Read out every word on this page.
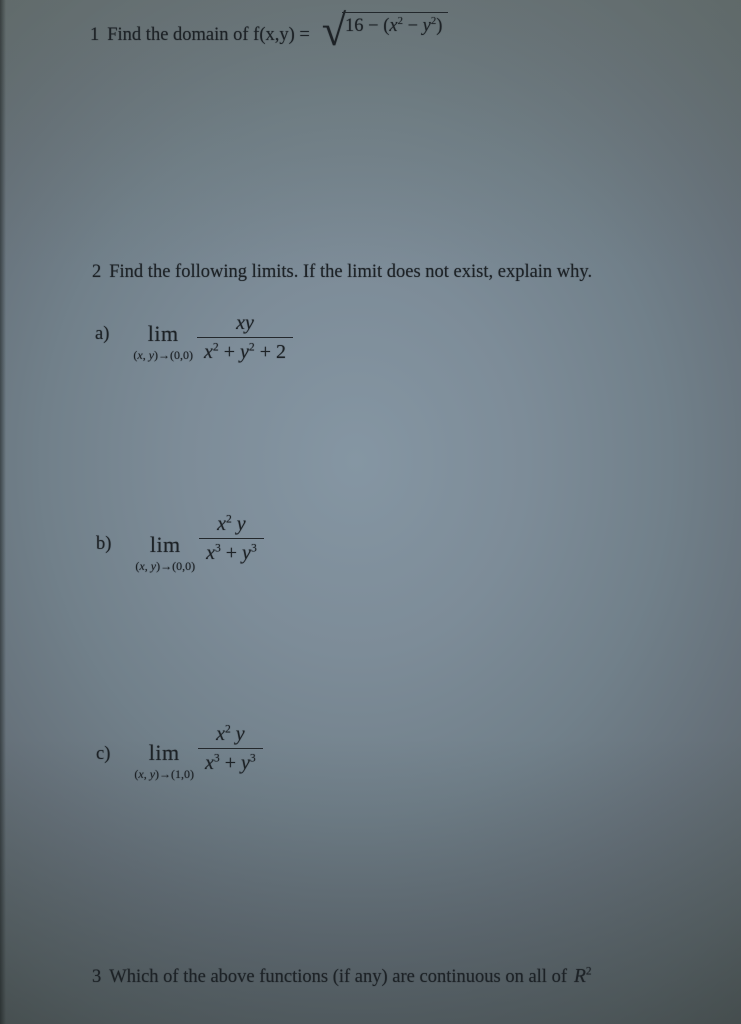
1 Find the domain of f(x,y) = √ $16 - (x^2 - y^2)$
2 Find the following limits. If the limit does not exist, explain why.
a) lim
(x, $y)\to(0,0) \frac{xy}{x^2 + y^2 + 2}$
b) lim
(x, $y)\to(0,0) \frac{x^2 y}{x^3 + y^3}$
c) lim
(x, $y)\to(1,0) \frac{x^2 y}{x^3 + y^3}$
3 Which of the above functions (if any) are continuous on all of $R^2$
